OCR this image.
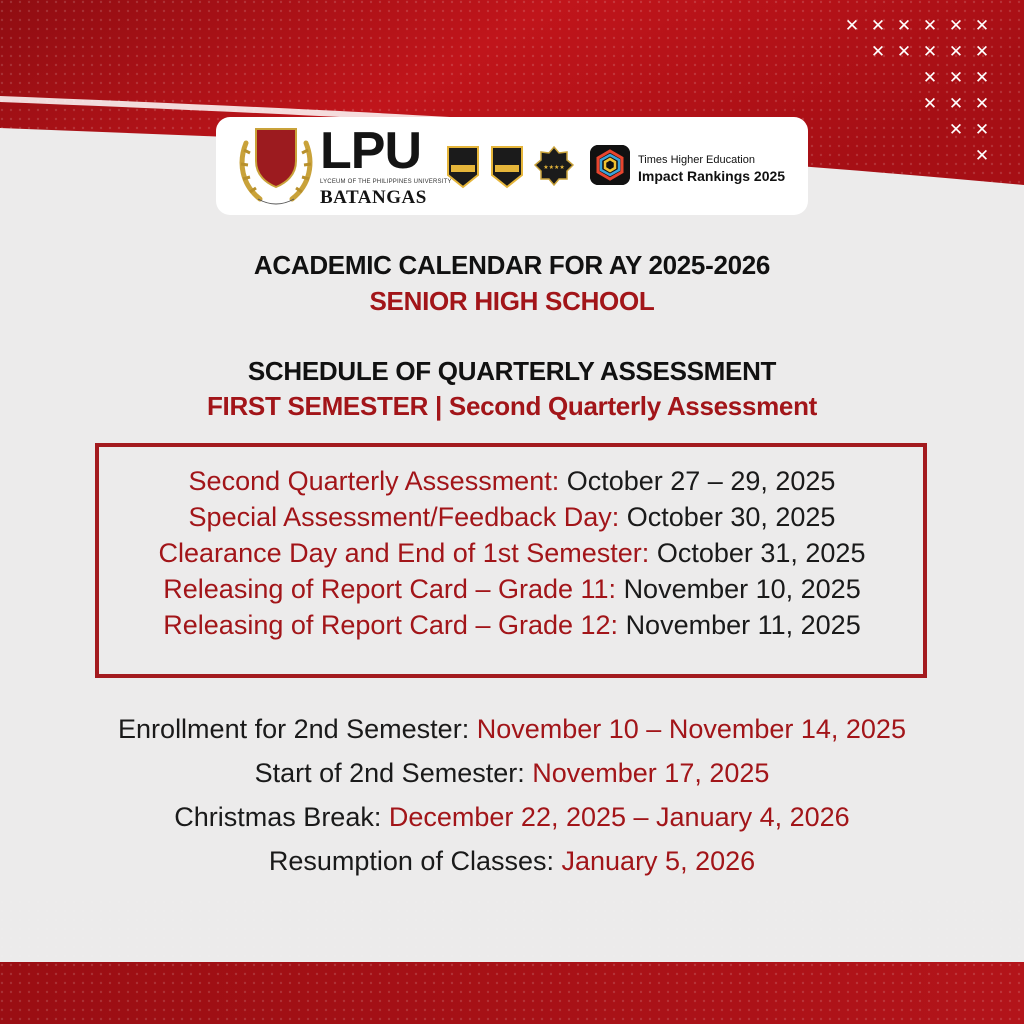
✕ ✕ ✕ ✕ ✕ ✕
✕ ✕ ✕ ✕ ✕
✕ ✕ ✕
✕ ✕ ✕
✕ ✕
✕
LPU
LYCEUM OF THE PHILIPPINES UNIVERSITY
BATANGAS
★★★★
Times Higher Education
Impact Rankings 2025
ACADEMIC CALENDAR FOR AY 2025-2026
SENIOR HIGH SCHOOL
SCHEDULE OF QUARTERLY ASSESSMENT
FIRST SEMESTER | Second Quarterly Assessment
Second Quarterly Assessment: October 27 – 29, 2025
Special Assessment/Feedback Day: October 30, 2025
Clearance Day and End of 1st Semester: October 31, 2025
Releasing of Report Card – Grade 11: November 10, 2025
Releasing of Report Card – Grade 12: November 11, 2025
Enrollment for 2nd Semester: November 10 – November 14, 2025
Start of 2nd Semester: November 17, 2025
Christmas Break: December 22, 2025 – January 4, 2026
Resumption of Classes: January 5, 2026
